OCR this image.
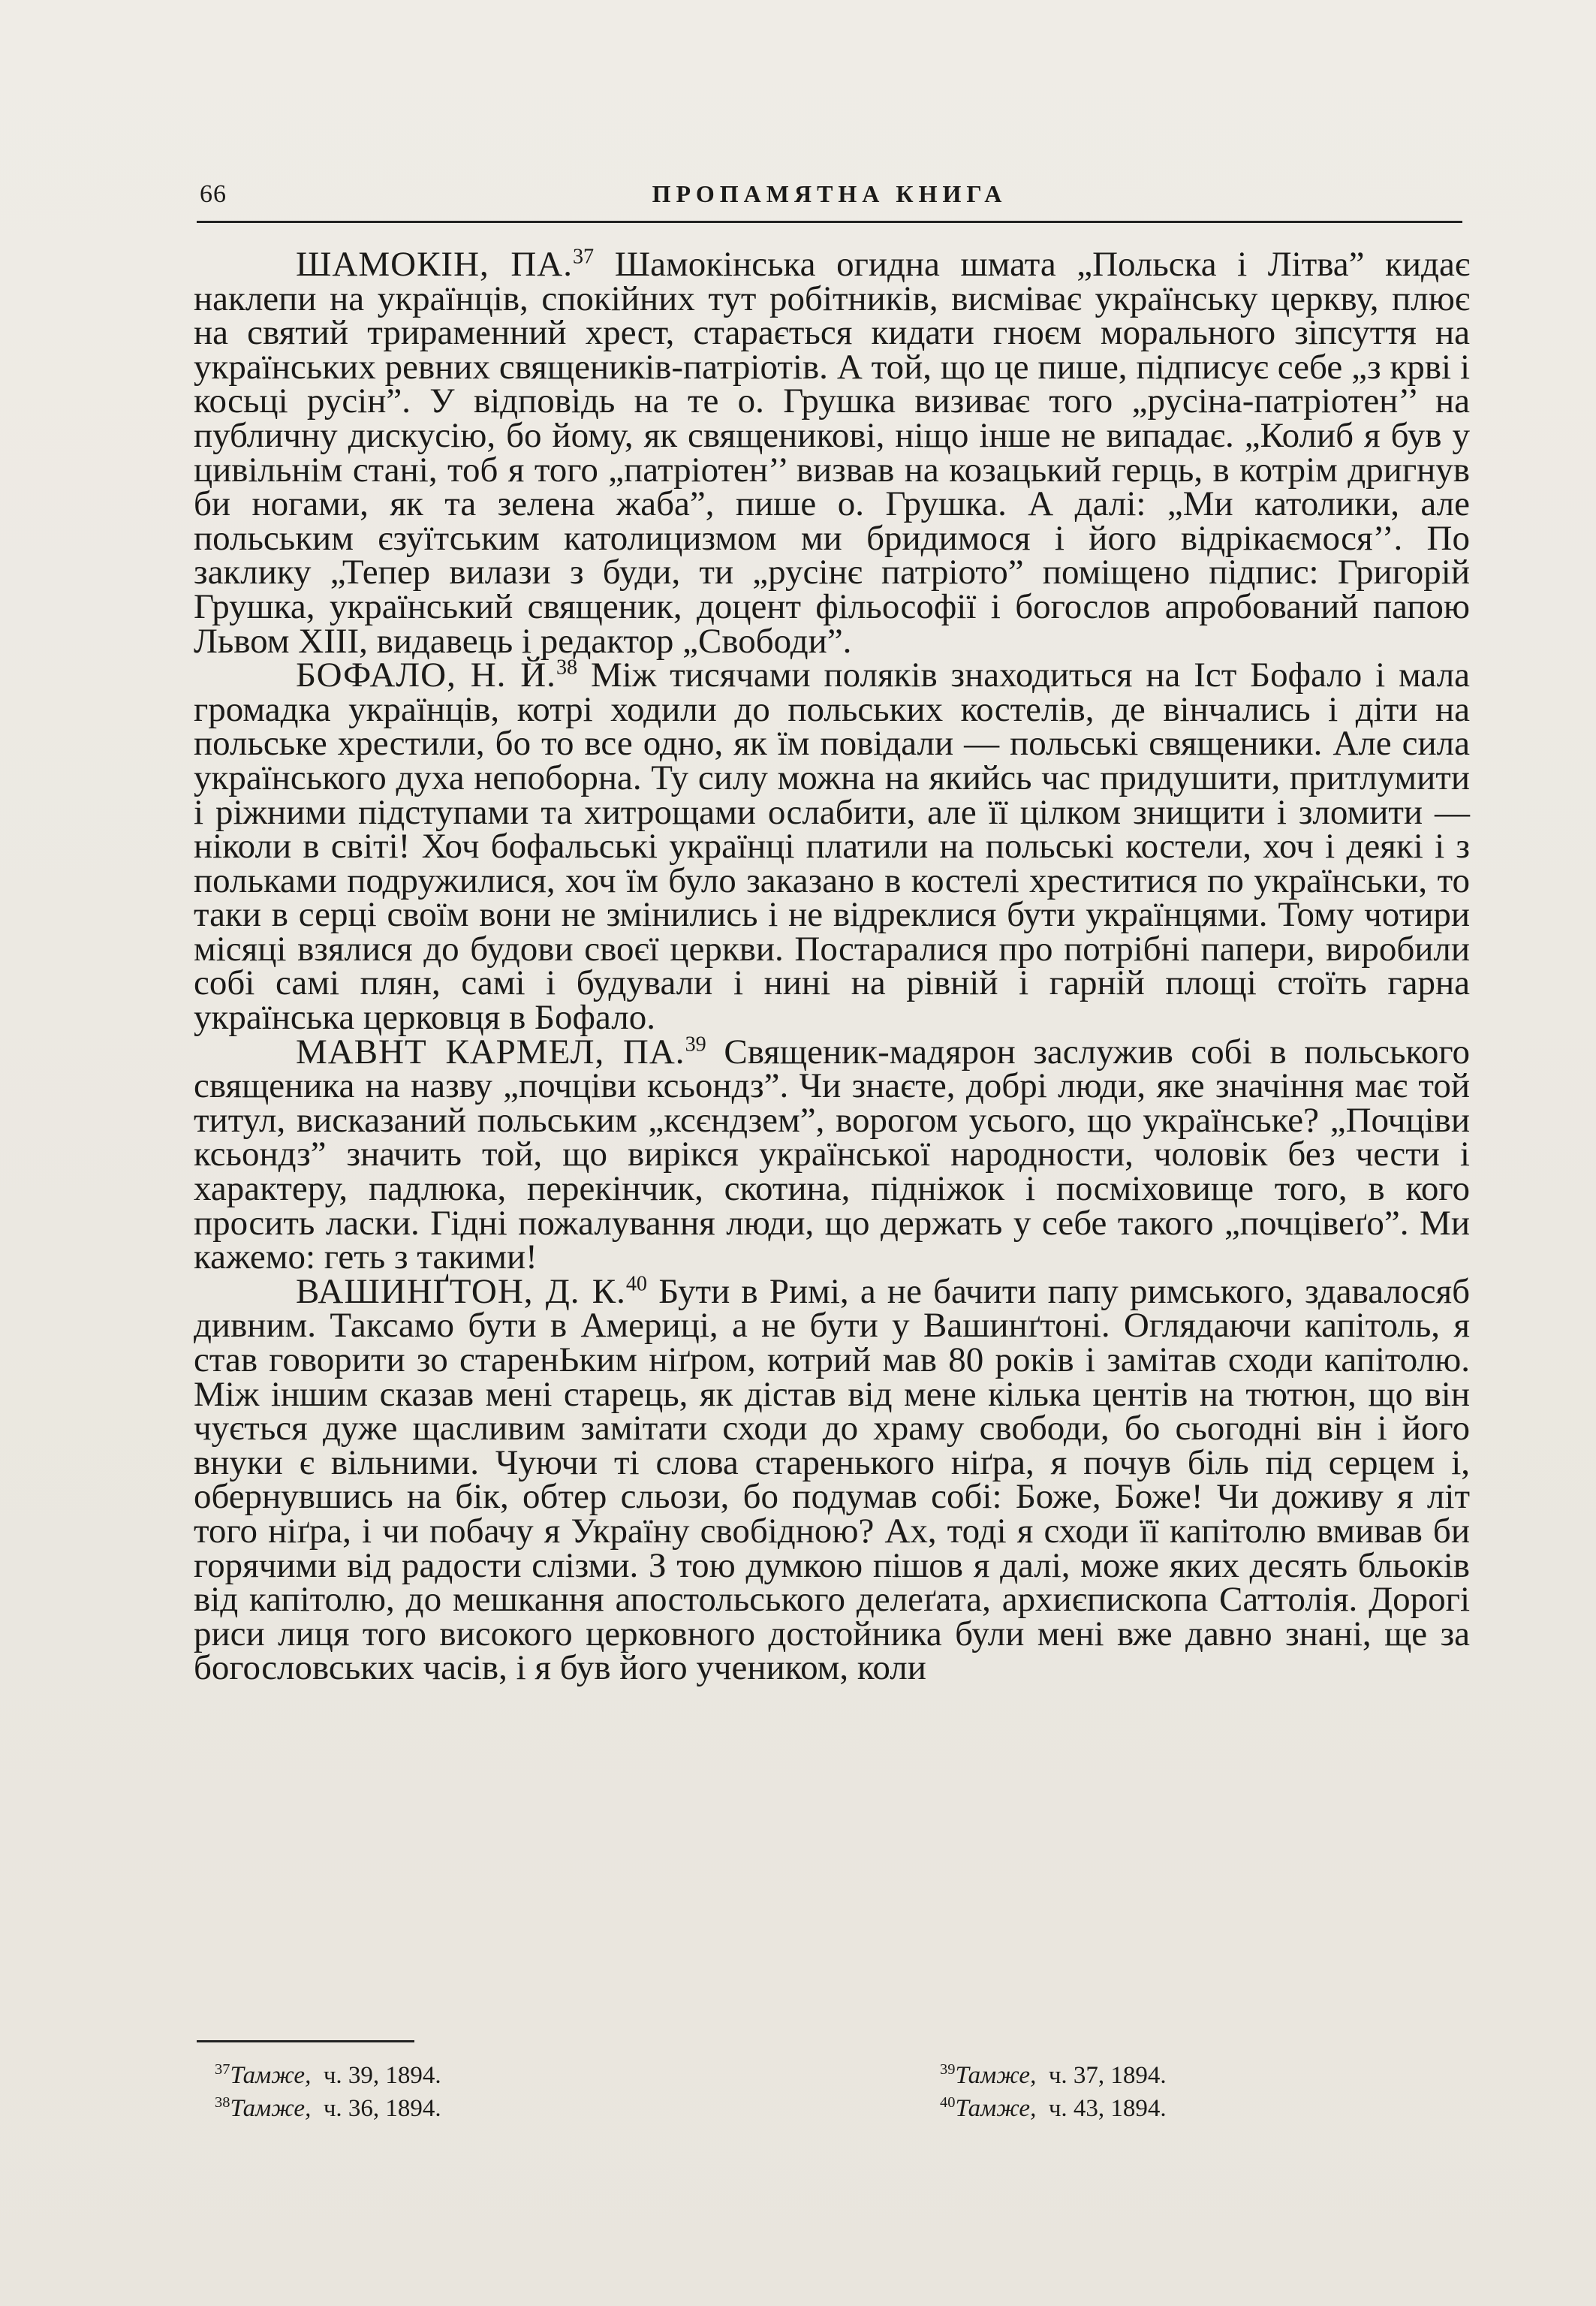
66	ПРОПАМЯТНА КНИГА

ШАМОКІН, ПА.$^{37}$ Шамокінська огидна шмата „Польска і Літва” кидає наклепи на українців, спокійних тут робітників, висміває українську церкву, плює на святий трираменний хрест, старається кидати гноєм морального зіпсуття на українських ревних священиків-патріотів. А той, що це пише, підписує себе „з крві і косьці русін”. У відповідь на те о. Грушка визиває того „русіна-патріотен’’ на публичну дискусію, бо йому, як священикові, ніщо інше не випадає. „Колиб я був у цивільнім стані, тоб я того „патріотен’’ визвав на козацький герць, в котрім дригнув би ногами, як та зелена жаба”, пише о. Грушка. А далі: „Ми католики, але польським єзуїтським католицизмом ми бридимося і його відрікаємося’’. По заклику „Тепер вилази з буди, ти „русінє патріото” поміщено підпис: Григорій Грушка, український священик, доцент фільософії і богослов апробований папою Львом XIII, видавець і редактор „Свободи”.

БОФАЛО, Н. Й.$^{38}$ Між тисячами поляків знаходиться на Іст Бофало і мала громадка українців, котрі ходили до польських костелів, де вінчались і діти на польське хрестили, бо то все одно, як їм повідали — польські священики. Але сила українського духа непоборна. Ту силу можна на якийсь час придушити, притлумити і ріжними підступами та хитрощами ослабити, але її цілком знищити і зломити — ніколи в світі! Хоч бофальські українці платили на польські костели, хоч і деякі і з польками подружилися, хоч їм було заказано в костелі хреститися по українськи, то таки в серці своїм вони не змінились і не відреклися бути українцями. Тому чотири місяці взялися до будови своєї церкви. Постаралися про потрібні папери, виробили собі самі плян, самі і будували і нині на рівній і гарній площі стоїть гарна українська церковця в Бофало.

МАВНТ КАРМЕЛ, ПА.$^{39}$ Священик-мадярон заслужив собі в польського священика на назву „почціви ксьондз”. Чи знаєте, добрі люди, яке значіння має той титул, висказаний польським „ксєндзем”, ворогом усього, що українське? „Почціви ксьондз” значить той, що вирікся української народности, чоловік без чести і характеру, падлюка, перекінчик, скотина, підніжок і посміховище того, в кого просить ласки. Гідні пожалування люди, що держать у себе такого „почцівеґо”. Ми кажемо: геть з такими!

ВАШИНҐТОН, Д. К.$^{40}$ Бути в Римі, а не бачити папу римського, здавалосяб дивним. Таксамо бути в Америці, а не бути у Вашинґтоні. Оглядаючи капітоль, я став говорити зо старенЬким ніґром, котрий мав 80 років і замітав сходи капітолю. Між іншим сказав мені старець, як дістав від мене кілька центів на тютюн, що він чується дуже щасливим замітати сходи до храму свободи, бо сьогодні він і його внуки є вільними. Чуючи ті слова старенького ніґра, я почув біль під серцем і, обернувшись на бік, обтер сльози, бо подумав собі: Боже, Боже! Чи доживу я літ того ніґра, і чи побачу я Україну свобідною? Ах, тоді я сходи її капітолю вмивав би горячими від радости слізми. З тою думкою пішов я далі, може яких десять бльоків від капітолю, до мешкання апостольського делеґата, архиєпископа Саттолія. Дорогі риси лиця того високого церковного достойника були мені вже давно знані, ще за богословських часів, і я був його учеником, коли

$^{37}$Тамже, ч. 39, 1894.
$^{38}$Тамже, ч. 36, 1894.
$^{39}$Тамже, ч. 37, 1894.
$^{40}$Тамже, ч. 43, 1894.
